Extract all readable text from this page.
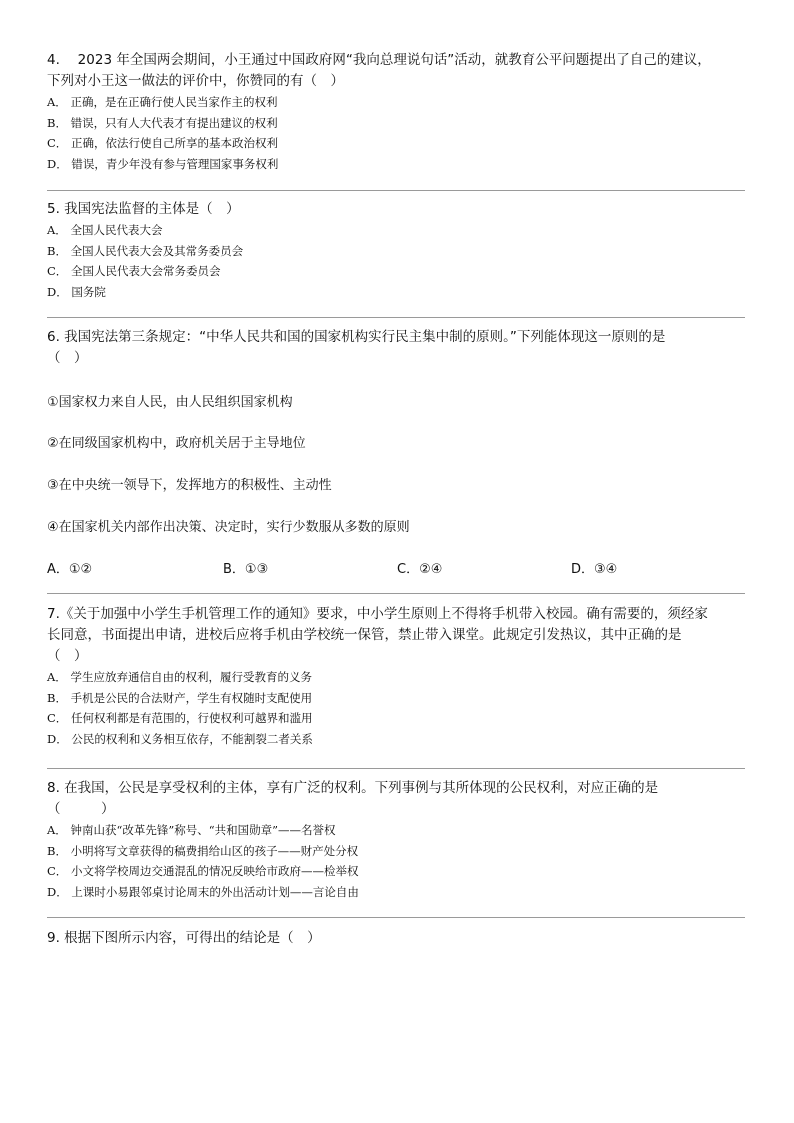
4.　 2023 年全国两会期间，小王通过中国政府网“我向总理说句话”活动，就教育公平问题提出了自己的建议，

下列对小王这一做法的评价中，你赞同的有（　）

A． 正确，是在正确行使人民当家作主的权利

B． 错误，只有人大代表才有提出建议的权利

C． 正确，依法行使自己所享的基本政治权利

D． 错误，青少年没有参与管理国家事务权利

5. 我国宪法监督的主体是（　）

A． 全国人民代表大会

B． 全国人民代表大会及其常务委员会

C． 全国人民代表大会常务委员会

D． 国务院

6. 我国宪法第三条规定：“中华人民共和国的国家机构实行民主集中制的原则。”下列能体现这一原则的是

（　）

①国家权力来自人民，由人民组织国家机构

②在同级国家机构中，政府机关居于主导地位

③在中央统一领导下，发挥地方的积极性、主动性

④在国家机关内部作出决策、决定时，实行少数服从多数的原则

A．①②	B．①③	C．②④	D．③④

7.《关于加强中小学生手机管理工作的通知》要求，中小学生原则上不得将手机带入校园。确有需要的，须经家

长同意，书面提出申请，进校后应将手机由学校统一保管，禁止带入课堂。此规定引发热议，其中正确的是

（　）

A． 学生应放弃通信自由的权利，履行受教育的义务

B． 手机是公民的合法财产，学生有权随时支配使用

C． 任何权利都是有范围的，行使权利可越界和滥用

D． 公民的权利和义务相互依存，不能割裂二者关系

8. 在我国，公民是享受权利的主体，享有广泛的权利。下列事例与其所体现的公民权利，对应正确的是

（　　　）

A． 钟南山获“改革先锋”称号、“共和国勋章”——名誉权

B． 小明将写文章获得的稿费捐给山区的孩子——财产处分权

C． 小文将学校周边交通混乱的情况反映给市政府——检举权

D． 上课时小易跟邻桌讨论周末的外出活动计划——言论自由

9. 根据下图所示内容，可得出的结论是（　）
